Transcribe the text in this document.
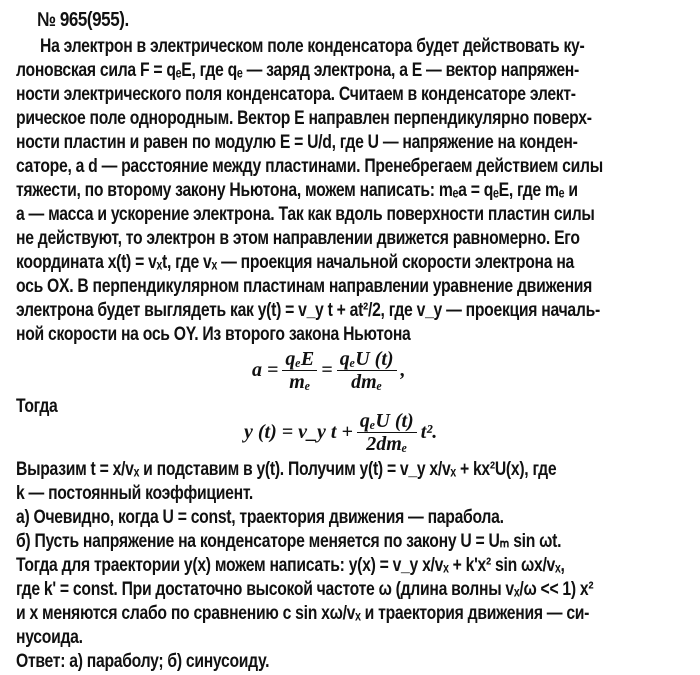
№ 965(955).
На электрон в электрическом поле конденсатора будет действовать ку-
лоновская сила F = qₑE, где qₑ — заряд электрона, а E — вектор напряжен-
ности электрического поля конденсатора. Считаем в конденсаторе элект-
рическое поле однородным. Вектор E направлен перпендикулярно поверх-
ности пластин и равен по модулю E = U/d, где U — напряжение на конден-
саторе, а d — расстояние между пластинами. Пренебрегаем действием силы
тяжести, по второму закону Ньютона, можем написать: mₑa = qₑE, где mₑ и
a — масса и ускорение электрона. Так как вдоль поверхности пластин силы
не действуют, то электрон в этом направлении движется равномерно. Его
координата x(t) = vₓt, где vₓ — проекция начальной скорости электрона на
ось OX. В перпендикулярном пластинам направлении уравнение движения
электрона будет выглядеть как y(t) = v_y t + at²/2, где v_y — проекция началь-
ной скорости на ось OY. Из второго закона Ньютона
$a = \frac{\text{qₑE}}{\text{mₑ}} = \frac{\text{qₑU (t)}}{\text{dmₑ}}$ ,
Тогда
y (t) = v_y $t + \frac{\text{qₑU (t)}}{\text{2dmₑ}} t^2$.
Выразим t = x/vₓ и подставим в y(t). Получим y(t) = v_y x/vₓ + kx²U(x), где
k — постоянный коэффициент.
а) Очевидно, когда U = const, траектория движения — парабола.
б) Пусть напряжение на конденсаторе меняется по закону U = Uₘ sin ωt.
Тогда для траектории y(x) можем написать: y(x) = v_y x/vₓ + k'x² sin ωx/vₓ,
где k' = const. При достаточно высокой частоте ω (длина волны vₓ/ω << 1) x²
и x меняются слабо по сравнению с sin xω/vₓ и траектория движения — си-
нусоида.
Ответ: а) параболу; б) синусоиду.
